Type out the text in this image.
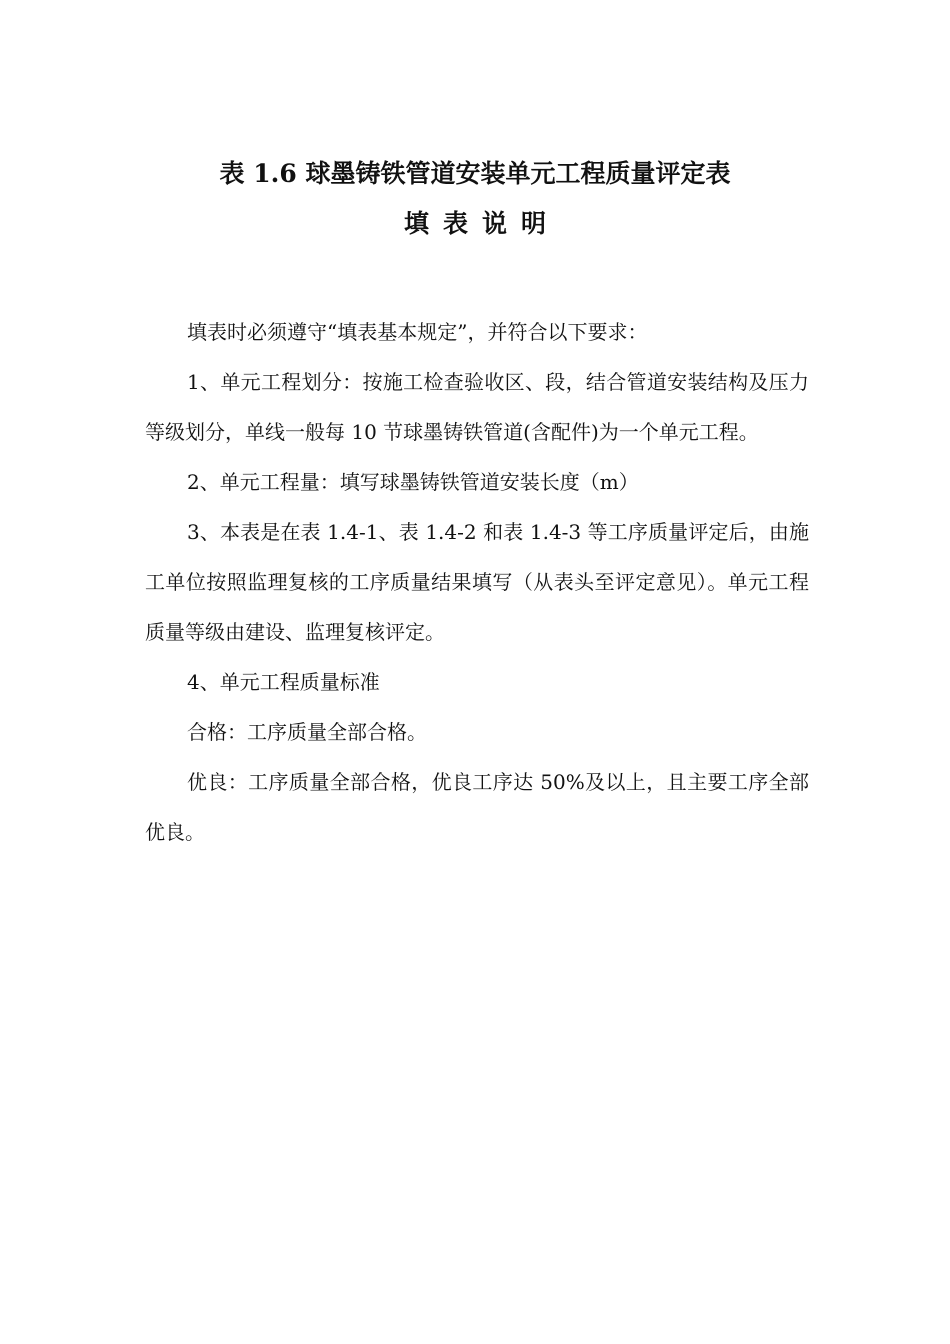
表 1.6 球墨铸铁管道安装单元工程质量评定表
填表说明

填表时必须遵守“填表基本规定”，并符合以下要求：

1、单元工程划分：按施工检查验收区、段，结合管道安装结构及压力等级划分，单线一般每 10 节球墨铸铁管道(含配件)为一个单元工程。

2、单元工程量：填写球墨铸铁管道安装长度（m）

3、本表是在表 1.4-1、表 1.4-2 和表 1.4-3 等工序质量评定后，由施工单位按照监理复核的工序质量结果填写（从表头至评定意见）。单元工程质量等级由建设、监理复核评定。

4、单元工程质量标准

合格：工序质量全部合格。

优良：工序质量全部合格，优良工序达 50%及以上，且主要工序全部优良。
